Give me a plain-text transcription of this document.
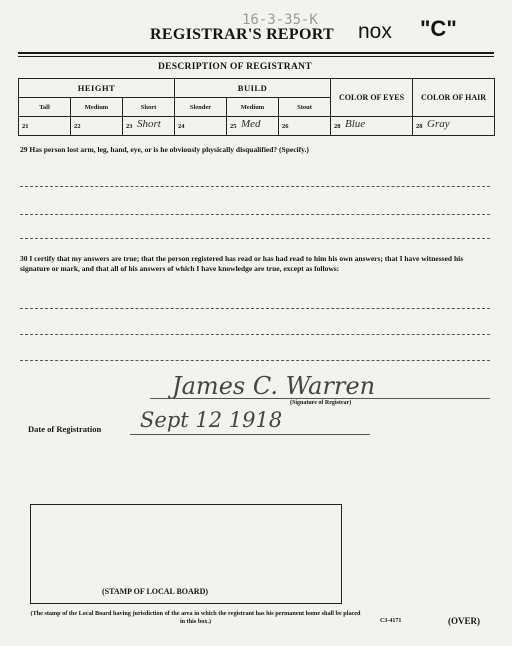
REGISTRAR'S REPORT
16-3-35-K nox "C"
DESCRIPTION OF REGISTRANT
HEIGHT			BUILD			COLOR OF EYES	COLOR OF HAIR
Tall	Medium	Short	Slender	Medium	Stout		
21	22	23 Short	24	25 Med	26	28 Blue	28 Gray
29 Has person lost arm, leg, hand, eye, or is he obviously physically disqualified? (Specify.)
30 I certify that my answers are true; that the person registered has read or has had read to him his own answers; that I have witnessed his signature or mark, and that all of his answers of which I have knowledge are true, except as follows:
James C. Warren
(Signature of Registrar)
Date of Registration Sept 12 1918
(STAMP OF LOCAL BOARD)
(The stamp of the Local Board having jurisdiction of the area in which the registrant has his permanent home shall be placed in this box.)	C3-4171	(OVER)
